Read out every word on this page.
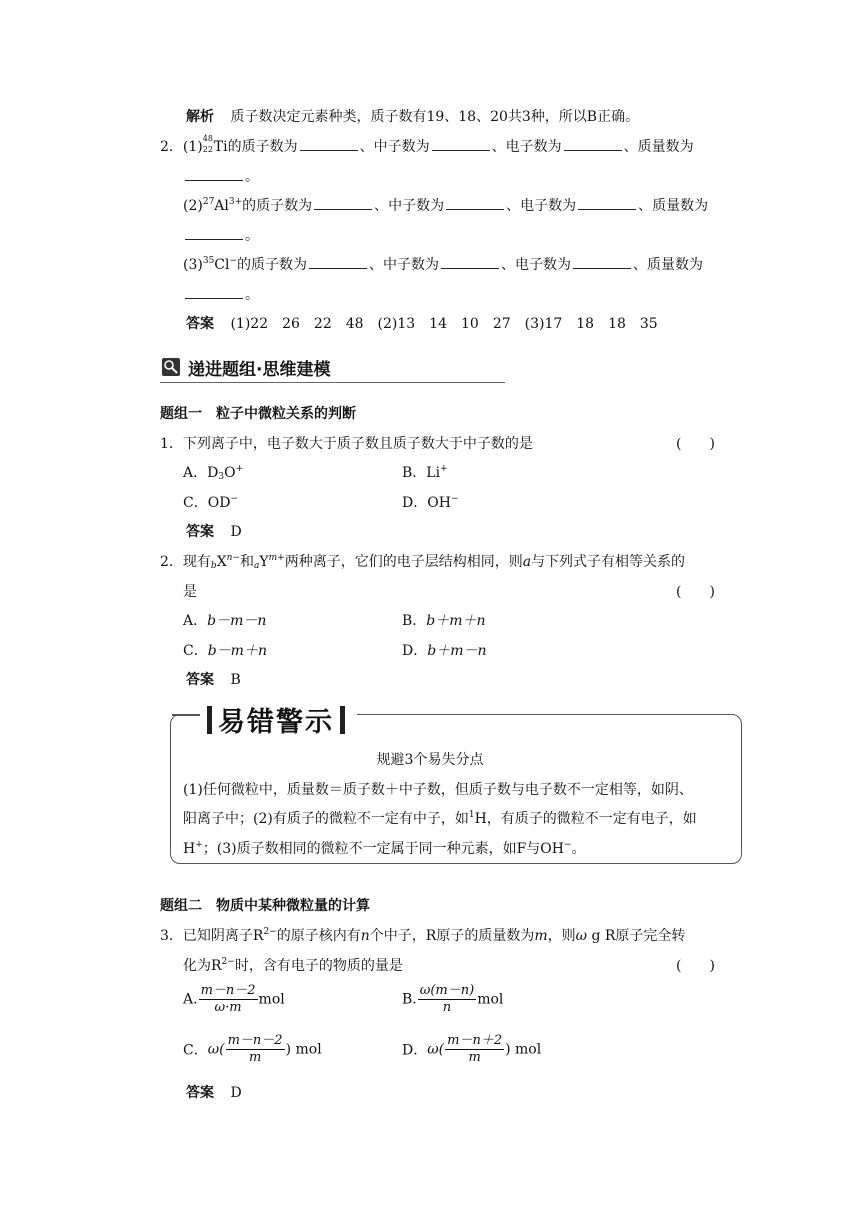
解析 质子数决定元素种类，质子数有19、18、20共3种，所以B正确。
2．(1)
48
22 Ti的质子数为	、中子数为	、电子数为	、质量数为
。
$(2)^{27}Al^{3+}$的质子数为	、中子数为	、电子数为	、质量数为
。
$(3)^{35}Cl^-$的质子数为	、中子数为	、电子数为	、质量数为
。
答案 (1)22　26　22　48　(2)13　14　10　27　(3)17　18　18　35
递进题组·思维建模
题组一　粒子中微粒关系的判断
1．下列离子中，电子数大于质子数且质子数大于中子数的是	(　　)
A．$D_3O^+$	B．Li+
C．OD−	D．OH−
答案 D
2．现有$_bX^{n-}$和$_aY^{m+}$两种离子，它们的电子层结构相同，则a与下列式子有相等关系的
是	(　　)
A．b－m－n	B．b＋m＋n
C．b－m＋n	D．b＋m－n
答案 B
易错警示
规避3个易失分点
(1)任何微粒中，质量数＝质子数＋中子数，但质子数与电子数不一定相等，如阴、
阳离子中；(2)有质子的微粒不一定有中子，如$^1$H，有质子的微粒不一定有电子，如
H+；(3)质子数相同的微粒不一定属于同一种元素，如F与OH−。
题组二　物质中某种微粒量的计算
3．已知阴离子$R^{2-}$的原子核内有n个中子，R原子的质量数为m，则ω g R原子完全转
化为$R^{2-}$时，含有电子的物质的量是	(　　)
A. $\frac{m-n-2}{\omega\cdot m}$ mol	B. $\frac{\omega(m-n)}{n}$ mol
C．$\omega( \frac{m-n-2}{m}$ ) mol	D．$\omega( \frac{m-n+2}{m}$ ) mol
答案 D
